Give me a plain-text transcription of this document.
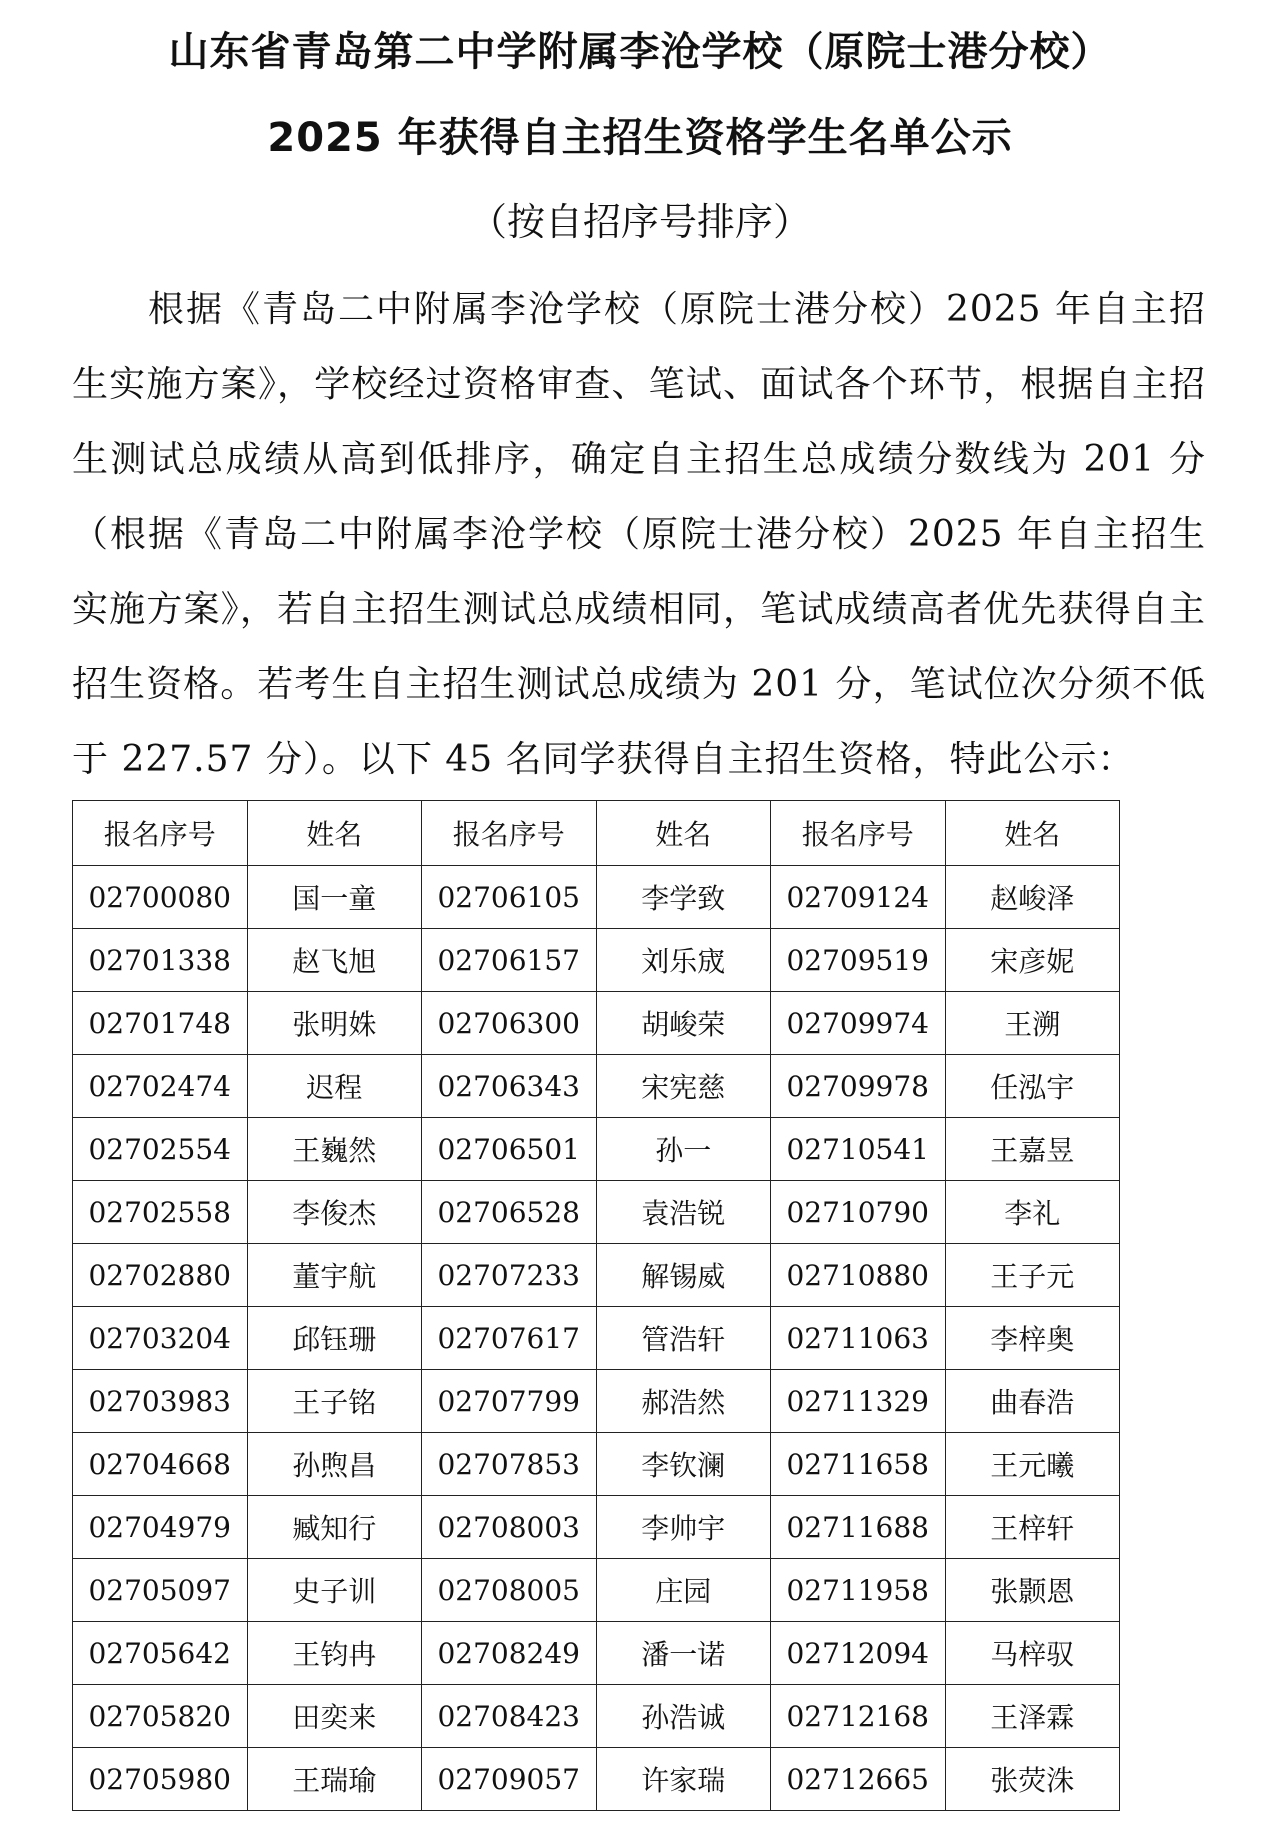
山东省青岛第二中学附属李沧学校（原院士港分校）
2025 年获得自主招生资格学生名单公示
（按自招序号排序）
根据《青岛二中附属李沧学校（原院士港分校）2025 年自主招生实施方案》，学校经过资格审查、笔试、面试各个环节，根据自主招生测试总成绩从高到低排序，确定自主招生总成绩分数线为 201 分（根据《青岛二中附属李沧学校（原院士港分校）2025 年自主招生实施方案》，若自主招生测试总成绩相同，笔试成绩高者优先获得自主招生资格。若考生自主招生测试总成绩为 201 分，笔试位次分须不低于 227.57 分）。以下 45 名同学获得自主招生资格，特此公示：
报名序号	姓名	报名序号	姓名	报名序号	姓名
02700080	国一童	02706105	李学致	02709124	赵峻泽
02701338	赵飞旭	02706157	刘乐宬	02709519	宋彦妮
02701748	张明姝	02706300	胡峻荣	02709974	王溯
02702474	迟程	02706343	宋宪慈	02709978	任泓宇
02702554	王巍然	02706501	孙一	02710541	王嘉昱
02702558	李俊杰	02706528	袁浩锐	02710790	李礼
02702880	董宇航	02707233	解锡威	02710880	王子元
02703204	邱钰珊	02707617	管浩轩	02711063	李梓奥
02703983	王子铭	02707799	郝浩然	02711329	曲春浩
02704668	孙煦昌	02707853	李钦澜	02711658	王元曦
02704979	臧知行	02708003	李帅宇	02711688	王梓轩
02705097	史子训	02708005	庄园	02711958	张颢恩
02705642	王钧冉	02708249	潘一诺	02712094	马梓驭
02705820	田奕来	02708423	孙浩诚	02712168	王泽霖
02705980	王瑞瑜	02709057	许家瑞	02712665	张荧洙
